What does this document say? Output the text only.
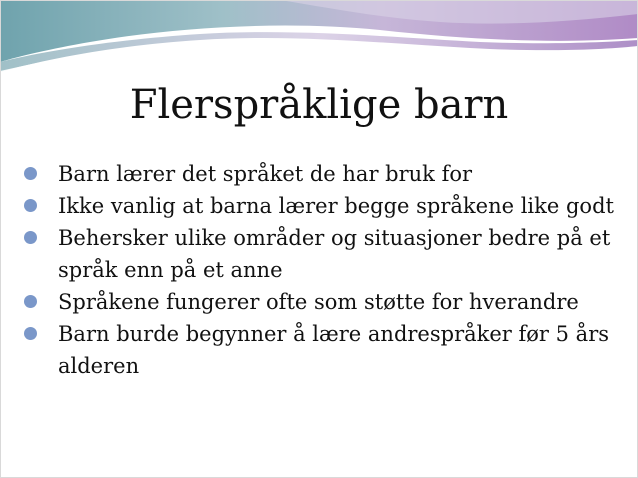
Flerspråklige barn
Barn lærer det språket de har bruk for
Ikke vanlig at barna lærer begge språkene like godt
Behersker ulike områder og situasjoner bedre på et språk enn på et anne
Språkene fungerer ofte som støtte for hverandre
Barn burde begynner å lære andrespråker før 5 års alderen
